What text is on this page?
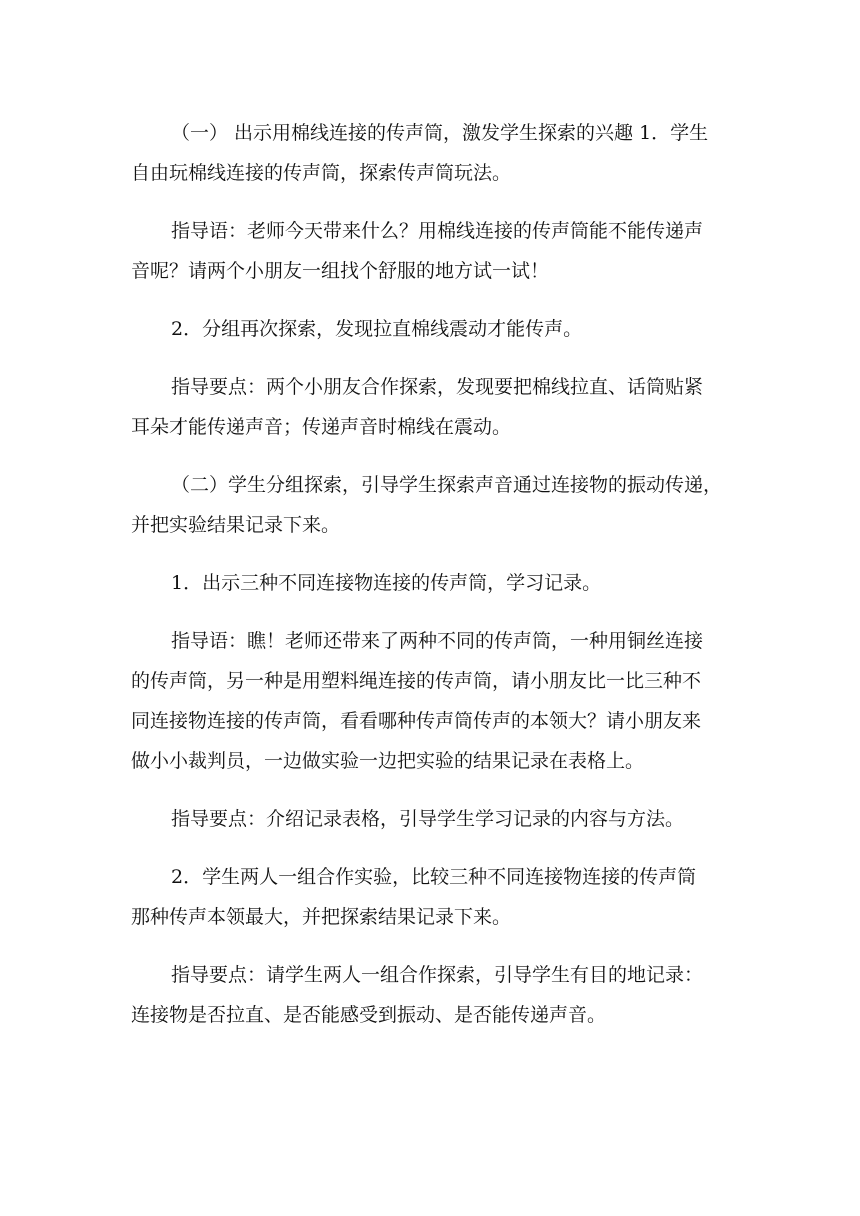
（一） 出示用棉线连接的传声筒，激发学生探索的兴趣 1．学生
自由玩棉线连接的传声筒，探索传声筒玩法。
指导语：老师今天带来什么？用棉线连接的传声筒能不能传递声
音呢？请两个小朋友一组找个舒服的地方试一试！
2．分组再次探索，发现拉直棉线震动才能传声。
指导要点：两个小朋友合作探索，发现要把棉线拉直、话筒贴紧
耳朵才能传递声音；传递声音时棉线在震动。
（二）学生分组探索，引导学生探索声音通过连接物的振动传递，
并把实验结果记录下来。
1．出示三种不同连接物连接的传声筒，学习记录。
指导语：瞧！老师还带来了两种不同的传声筒，一种用铜丝连接
的传声筒，另一种是用塑料绳连接的传声筒，请小朋友比一比三种不
同连接物连接的传声筒，看看哪种传声筒传声的本领大？请小朋友来
做小小裁判员，一边做实验一边把实验的结果记录在表格上。
指导要点：介绍记录表格，引导学生学习记录的内容与方法。
2．学生两人一组合作实验，比较三种不同连接物连接的传声筒
那种传声本领最大，并把探索结果记录下来。
指导要点：请学生两人一组合作探索，引导学生有目的地记录：
连接物是否拉直、是否能感受到振动、是否能传递声音。
